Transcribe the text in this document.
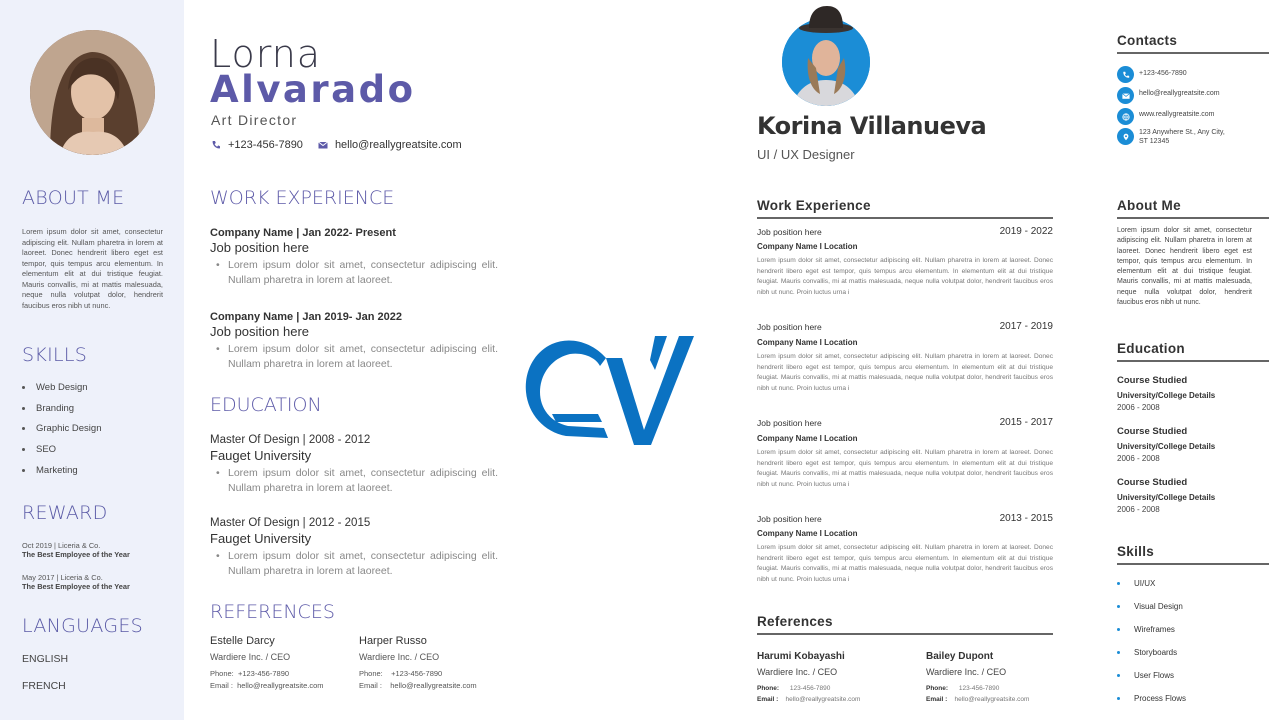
ABOUT ME

Lorem ipsum dolor sit amet, consectetur adipiscing elit. Nullam pharetra in lorem at laoreet. Donec hendrerit libero eget est tempor, quis tempus arcu elementum. In elementum elit at dui tristique feugiat. Mauris convallis, mi at mattis malesuada, neque nulla volutpat dolor, hendrerit faucibus eros nibh ut nunc.

SKILLS
Web Design
Branding
Graphic Design
SEO
Marketing
REWARD
Oct 2019 | Liceria & Co.
The Best Employee of the Year
May 2017 | Liceria & Co.
The Best Employee of the Year
LANGUAGES
ENGLISH
FRENCH
Lorna
Alvarado
Art Director
+123-456-7890	hello@reallygreatsite.com
WORK EXPERIENCE
Company Name | Jan 2022- Present
Job position here
• Lorem ipsum dolor sit amet, consectetur adipiscing elit. Nullam pharetra in lorem at laoreet.
Company Name | Jan 2019- Jan 2022
Job position here
• Lorem ipsum dolor sit amet, consectetur adipiscing elit. Nullam pharetra in lorem at laoreet.
EDUCATION
Master Of Design | 2008 - 2012
Fauget University
• Lorem ipsum dolor sit amet, consectetur adipiscing elit. Nullam pharetra in lorem at laoreet.
Master Of Design | 2012 - 2015
Fauget University
• Lorem ipsum dolor sit amet, consectetur adipiscing elit. Nullam pharetra in lorem at laoreet.
REFERENCES
Estelle Darcy
Wardiere Inc. / CEO
Phone: +123-456-7890
Email : hello@reallygreatsite.com
Harper Russo
Wardiere Inc. / CEO
Phone: +123-456-7890
Email : hello@reallygreatsite.com
Korina Villanueva
UI / UX Designer
Work Experience
Job position here	2019 - 2022
Company Name I Location
Lorem ipsum dolor sit amet, consectetur adipiscing elit. Nullam pharetra in lorem at laoreet. Donec hendrerit libero eget est tempor, quis tempus arcu elementum. In elementum elit at dui tristique feugiat. Mauris convallis, mi at mattis malesuada, neque nulla volutpat dolor, hendrerit faucibus eros nibh ut nunc. Proin luctus urna i
Job position here	2017 - 2019
Company Name I Location
Lorem ipsum dolor sit amet, consectetur adipiscing elit. Nullam pharetra in lorem at laoreet. Donec hendrerit libero eget est tempor, quis tempus arcu elementum. In elementum elit at dui tristique feugiat. Mauris convallis, mi at mattis malesuada, neque nulla volutpat dolor, hendrerit faucibus eros nibh ut nunc. Proin luctus urna i
Job position here	2015 - 2017
Company Name I Location
Lorem ipsum dolor sit amet, consectetur adipiscing elit. Nullam pharetra in lorem at laoreet. Donec hendrerit libero eget est tempor, quis tempus arcu elementum. In elementum elit at dui tristique feugiat. Mauris convallis, mi at mattis malesuada, neque nulla volutpat dolor, hendrerit faucibus eros nibh ut nunc. Proin luctus urna i
Job position here	2013 - 2015
Company Name I Location
Lorem ipsum dolor sit amet, consectetur adipiscing elit. Nullam pharetra in lorem at laoreet. Donec hendrerit libero eget est tempor, quis tempus arcu elementum. In elementum elit at dui tristique feugiat. Mauris convallis, mi at mattis malesuada, neque nulla volutpat dolor, hendrerit faucibus eros nibh ut nunc. Proin luctus urna i
References
Harumi Kobayashi
Wardiere Inc. / CEO
Phone: 123-456-7890
Email : hello@reallygreatsite.com
Bailey Dupont
Wardiere Inc. / CEO
Phone: 123-456-7890
Email : hello@reallygreatsite.com
Contacts
+123-456-7890
hello@reallygreatsite.com
www.reallygreatsite.com
123 Anywhere St., Any City,
ST 12345
About Me
Lorem ipsum dolor sit amet, consectetur adipiscing elit. Nullam pharetra in lorem at laoreet. Donec hendrerit libero eget est tempor, quis tempus arcu elementum. In elementum elit at dui tristique feugiat. Mauris convallis, mi at mattis malesuada, neque nulla volutpat dolor, hendrerit faucibus eros nibh ut nunc.
Education
Course Studied
University/College Details
2006 - 2008
Course Studied
University/College Details
2006 - 2008
Course Studied
University/College Details
2006 - 2008
Skills
UI/UX
Visual Design
Wireframes
Storyboards
User Flows
Process Flows
